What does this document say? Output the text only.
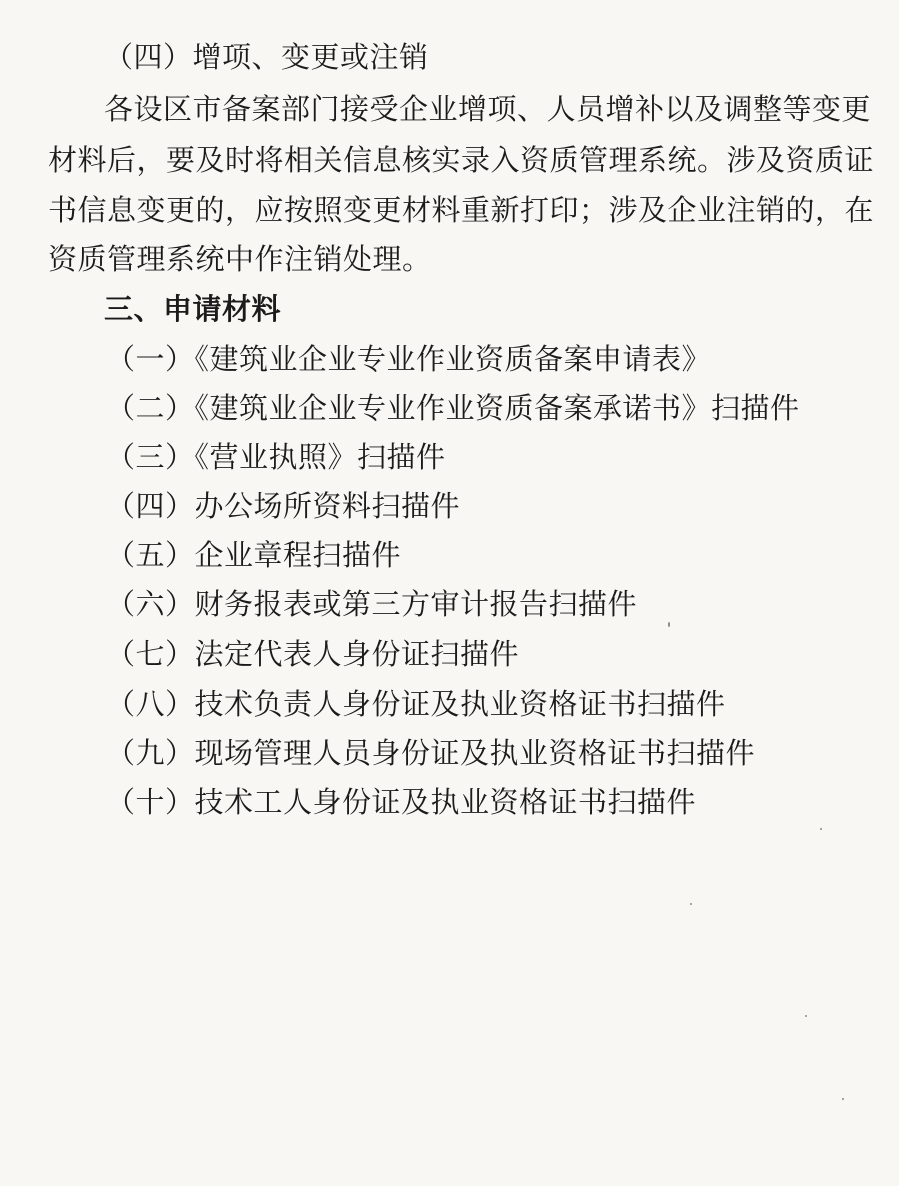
（四）增项、变更或注销
各设区市备案部门接受企业增项、人员增补以及调整等变更
材料后，要及时将相关信息核实录入资质管理系统。涉及资质证
书信息变更的，应按照变更材料重新打印；涉及企业注销的，在
资质管理系统中作注销处理。
三、申请材料
（一）《建筑业企业专业作业资质备案申请表》
（二）《建筑业企业专业作业资质备案承诺书》扫描件
（三）《营业执照》扫描件
（四）办公场所资料扫描件
（五）企业章程扫描件
（六）财务报表或第三方审计报告扫描件
（七）法定代表人身份证扫描件
（八）技术负责人身份证及执业资格证书扫描件
（九）现场管理人员身份证及执业资格证书扫描件
（十）技术工人身份证及执业资格证书扫描件
